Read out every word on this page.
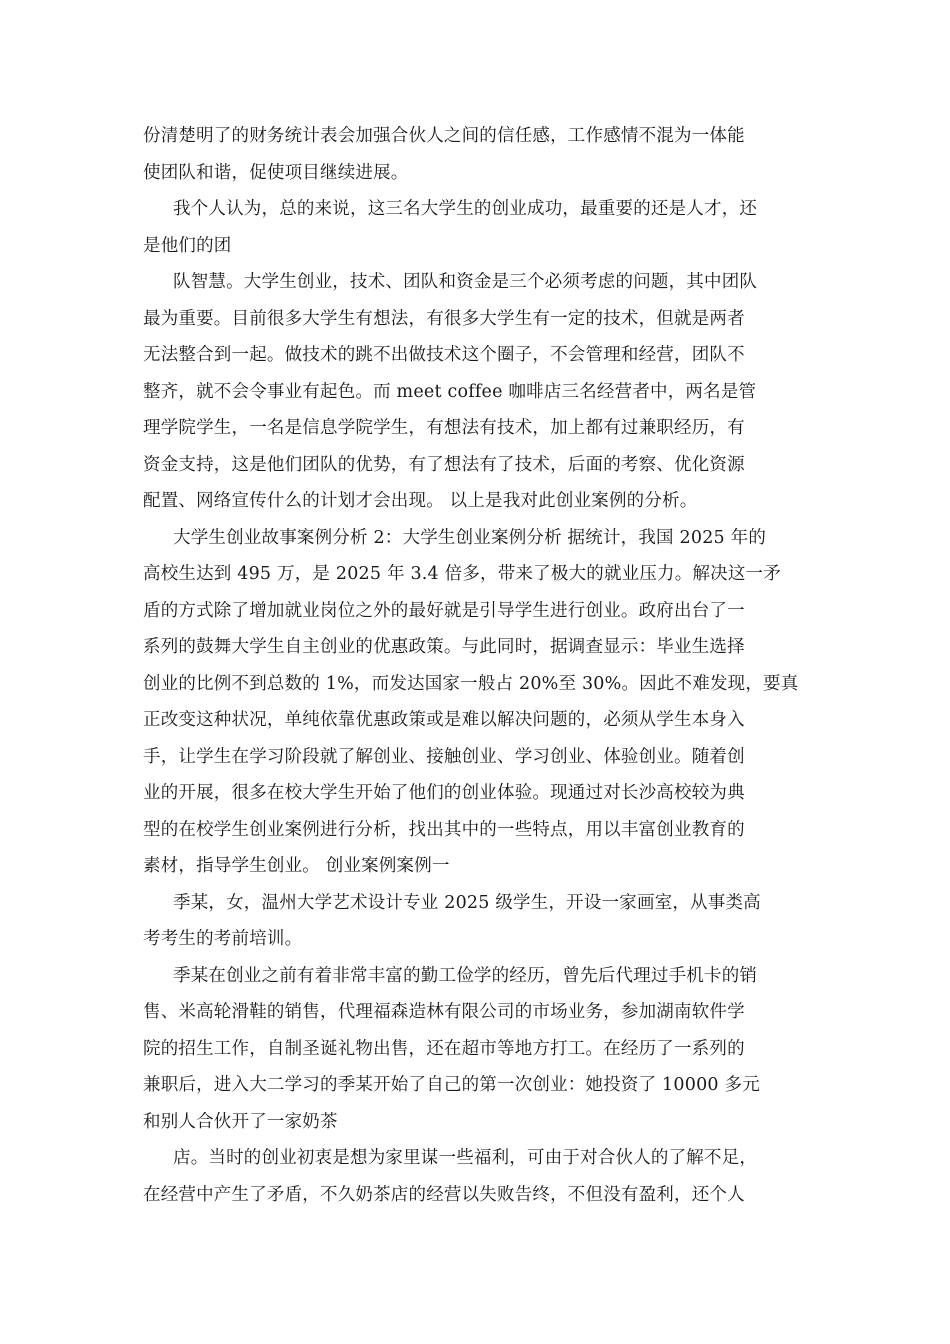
份清楚明了的财务统计表会加强合伙人之间的信任感，工作感情不混为一体能
使团队和谐，促使项目继续进展。

我个人认为，总的来说，这三名大学生的创业成功，最重要的还是人才，还
是他们的团

队智慧。大学生创业，技术、团队和资金是三个必须考虑的问题，其中团队
最为重要。目前很多大学生有想法，有很多大学生有一定的技术，但就是两者
无法整合到一起。做技术的跳不出做技术这个圈子，不会管理和经营，团队不
整齐，就不会令事业有起色。而 meet coffee 咖啡店三名经营者中，两名是管
理学院学生，一名是信息学院学生，有想法有技术，加上都有过兼职经历，有
资金支持，这是他们团队的优势，有了想法有了技术，后面的考察、优化资源
配置、网络宣传什么的计划才会出现。 以上是我对此创业案例的分析。

大学生创业故事案例分析 2：大学生创业案例分析 据统计，我国 2025 年的
高校生达到 495 万，是 2025 年 3.4 倍多，带来了极大的就业压力。解决这一矛
盾的方式除了增加就业岗位之外的最好就是引导学生进行创业。政府出台了一
系列的鼓舞大学生自主创业的优惠政策。与此同时，据调查显示：毕业生选择
创业的比例不到总数的 1%，而发达国家一般占 20%至 30%。因此不难发现，要真
正改变这种状况，单纯依靠优惠政策或是难以解决问题的，必须从学生本身入
手，让学生在学习阶段就了解创业、接触创业、学习创业、体验创业。随着创
业的开展，很多在校大学生开始了他们的创业体验。现通过对长沙高校较为典
型的在校学生创业案例进行分析，找出其中的一些特点，用以丰富创业教育的
素材，指导学生创业。 创业案例案例一

季某，女，温州大学艺术设计专业 2025 级学生，开设一家画室，从事类高
考考生的考前培训。

季某在创业之前有着非常丰富的勤工俭学的经历，曾先后代理过手机卡的销
售、米高轮滑鞋的销售，代理福森造林有限公司的市场业务，参加湖南软件学
院的招生工作，自制圣诞礼物出售，还在超市等地方打工。在经历了一系列的
兼职后，进入大二学习的季某开始了自己的第一次创业：她投资了 10000 多元
和别人合伙开了一家奶茶

店。当时的创业初衷是想为家里谋一些福利，可由于对合伙人的了解不足，
在经营中产生了矛盾，不久奶茶店的经营以失败告终，不但没有盈利，还个人
